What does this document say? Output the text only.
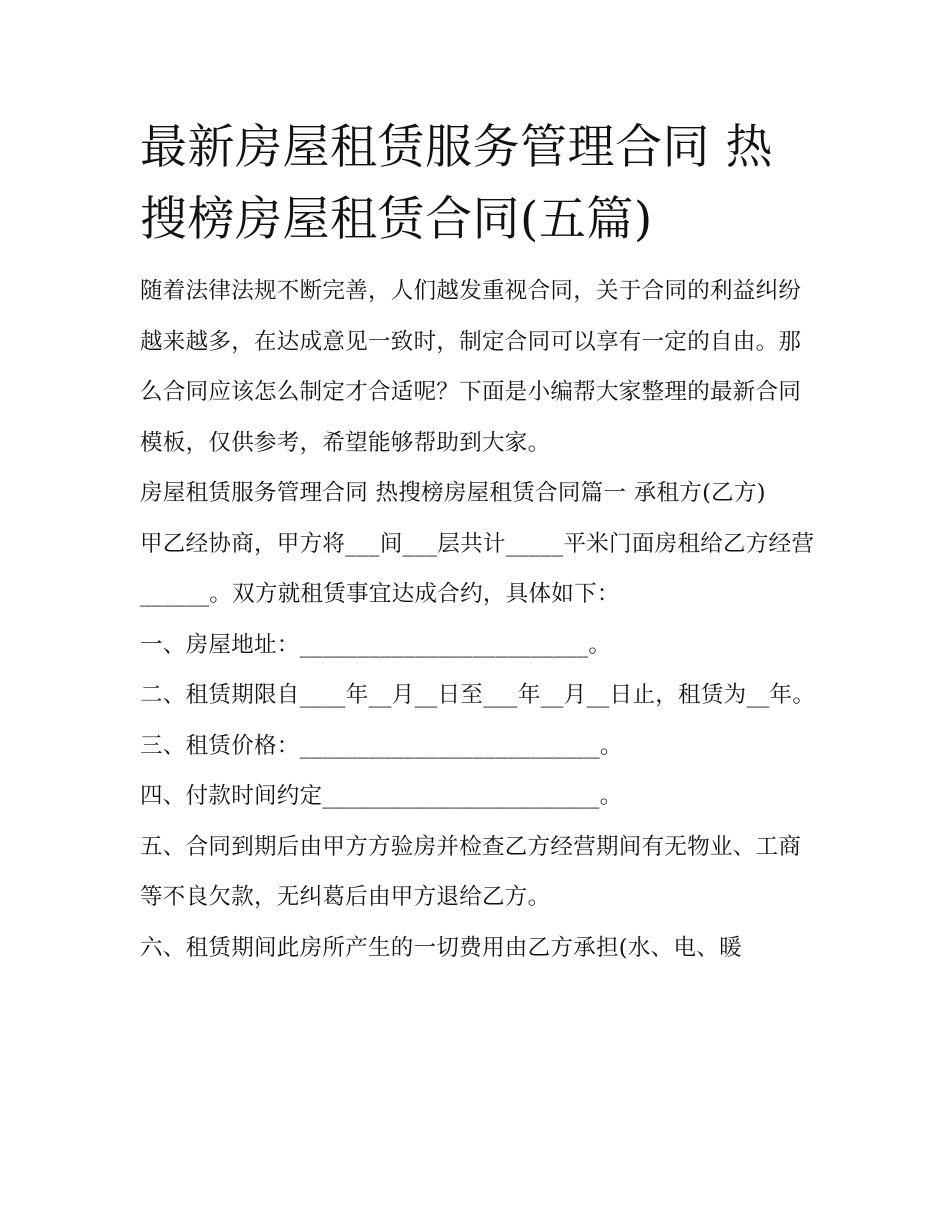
最新房屋租赁服务管理合同 热搜榜房屋租赁合同(五篇)

随着法律法规不断完善，人们越发重视合同，关于合同的利益纠纷越来越多，在达成意见一致时，制定合同可以享有一定的自由。那么合同应该怎么制定才合适呢？下面是小编帮大家整理的最新合同模板，仅供参考，希望能够帮助到大家。

房屋租赁服务管理合同 热搜榜房屋租赁合同篇一 承租方(乙方)

甲乙经协商，甲方将___间___层共计_____平米门面房租给乙方经营______。双方就租赁事宜达成合约，具体如下：

一、房屋地址：_________________________。

二、租赁期限自____年__月__日至___年__月__日止，租赁为__年。

三、租赁价格：__________________________。

四、付款时间约定________________________。

五、合同到期后由甲方方验房并检查乙方经营期间有无物业、工商等不良欠款，无纠葛后由甲方退给乙方。

六、租赁期间此房所产生的一切费用由乙方承担(水、电、暖
